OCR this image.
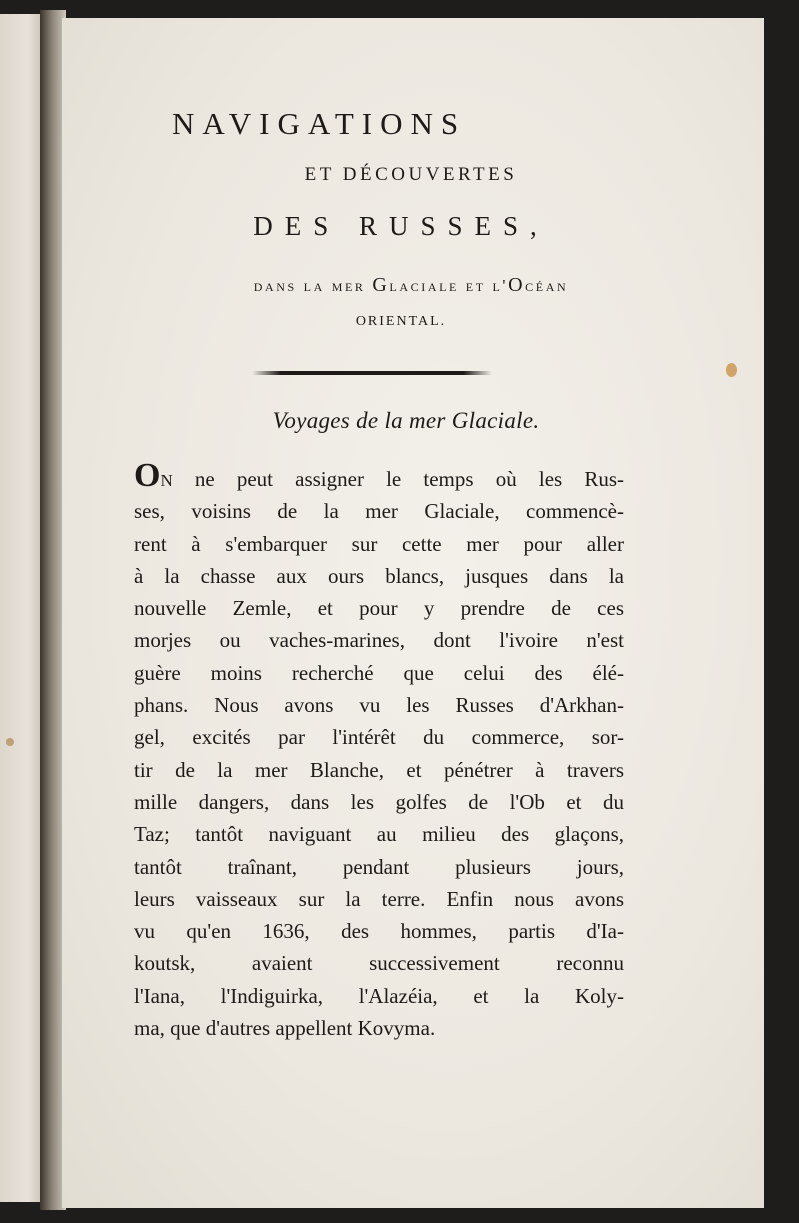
NAVIGATIONS
ET DÉCOUVERTES
DES RUSSES,
dans la mer Glaciale et l'Océan
ORIENTAL.
Voyages de la mer Glaciale.
ON ne peut assigner le temps où les Rus-
ses, voisins de la mer Glaciale, commencè-
rent à s'embarquer sur cette mer pour aller
à la chasse aux ours blancs, jusques dans la
nouvelle Zemle, et pour y prendre de ces
morjes ou vaches-marines, dont l'ivoire n'est
guère moins recherché que celui des élé-
phans. Nous avons vu les Russes d'Arkhan-
gel, excités par l'intérêt du commerce, sor-
tir de la mer Blanche, et pénétrer à travers
mille dangers, dans les golfes de l'Ob et du
Taz; tantôt naviguant au milieu des glaçons,
tantôt traînant, pendant plusieurs jours,
leurs vaisseaux sur la terre. Enfin nous avons
vu qu'en 1636, des hommes, partis d'Ia-
koutsk, avaient successivement reconnu
l'Iana, l'Indiguirka, l'Alazéia, et la Koly-
ma, que d'autres appellent Kovyma.
